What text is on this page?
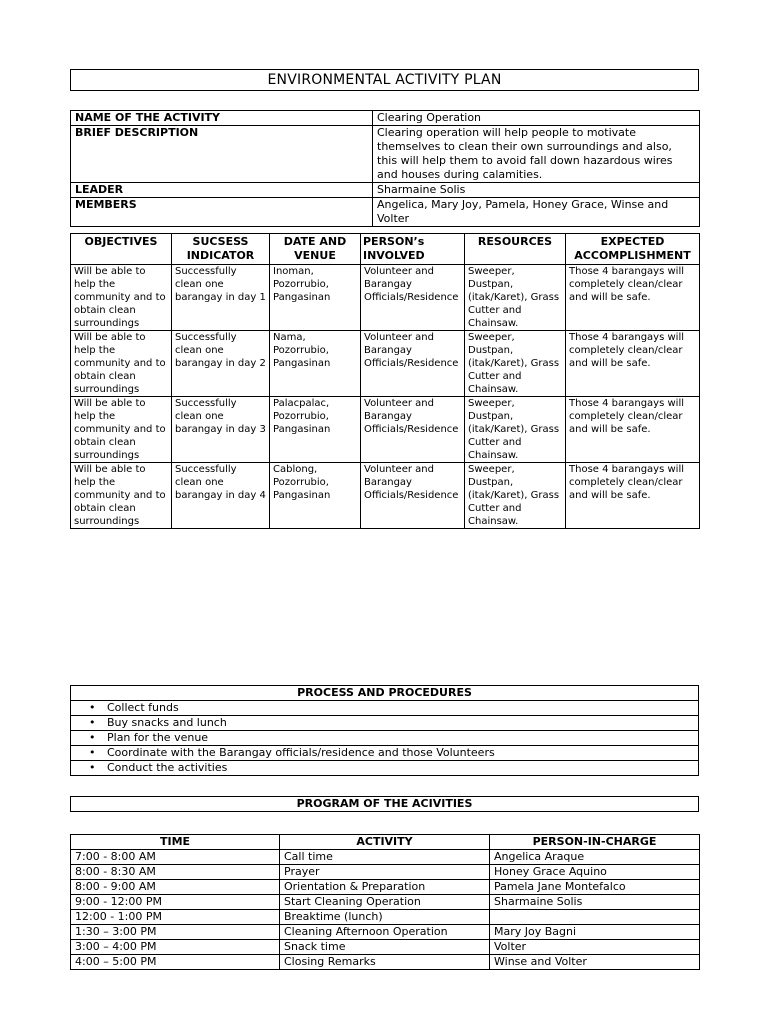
ENVIRONMENTAL ACTIVITY PLAN
NAME OF THE ACTIVITY	Clearing Operation
BRIEF DESCRIPTION	Clearing operation will help people to motivate themselves to clean their own surroundings and also, this will help them to avoid fall down hazardous wires and houses during calamities.
LEADER	Sharmaine Solis
MEMBERS	Angelica, Mary Joy, Pamela, Honey Grace, Winse and Volter
OBJECTIVES	SUCSESS INDICATOR	DATE AND VENUE	PERSON’s INVOLVED	RESOURCES	EXPECTED ACCOMPLISHMENT
Will be able to help the community and to obtain clean surroundings	Successfully clean one barangay in day 1	Inoman, Pozorrubio, Pangasinan	Volunteer and Barangay Officials/Residence	Sweeper, Dustpan, (itak/Karet), Grass Cutter and Chainsaw.	Those 4 barangays will completely clean/clear and will be safe.
Will be able to help the community and to obtain clean surroundings	Successfully clean one barangay in day 2	Nama, Pozorrubio, Pangasinan	Volunteer and Barangay Officials/Residence	Sweeper, Dustpan, (itak/Karet), Grass Cutter and Chainsaw.	Those 4 barangays will completely clean/clear and will be safe.
Will be able to help the community and to obtain clean surroundings	Successfully clean one barangay in day 3	Palacpalac, Pozorrubio, Pangasinan	Volunteer and Barangay Officials/Residence	Sweeper, Dustpan, (itak/Karet), Grass Cutter and Chainsaw.	Those 4 barangays will completely clean/clear and will be safe.
Will be able to help the community and to obtain clean surroundings	Successfully clean one barangay in day 4	Cablong, Pozorrubio, Pangasinan	Volunteer and Barangay Officials/Residence	Sweeper, Dustpan, (itak/Karet), Grass Cutter and Chainsaw.	Those 4 barangays will completely clean/clear and will be safe.
PROCESS AND PROCEDURES
• Collect funds
• Buy snacks and lunch
• Plan for the venue
• Coordinate with the Barangay officials/residence and those Volunteers
• Conduct the activities
PROGRAM OF THE ACIVITIES
TIME	ACTIVITY	PERSON-IN-CHARGE
7:00 - 8:00 AM	Call time	Angelica Araque
8:00 - 8:30 AM	Prayer	Honey Grace Aquino
8:00 - 9:00 AM	Orientation & Preparation	Pamela Jane Montefalco
9:00 - 12:00 PM	Start Cleaning Operation	Sharmaine Solis
12:00 - 1:00 PM	Breaktime (lunch)	
1:30 – 3:00 PM	Cleaning Afternoon Operation	Mary Joy Bagni
3:00 – 4:00 PM	Snack time	Volter
4:00 – 5:00 PM	Closing Remarks	Winse and Volter
